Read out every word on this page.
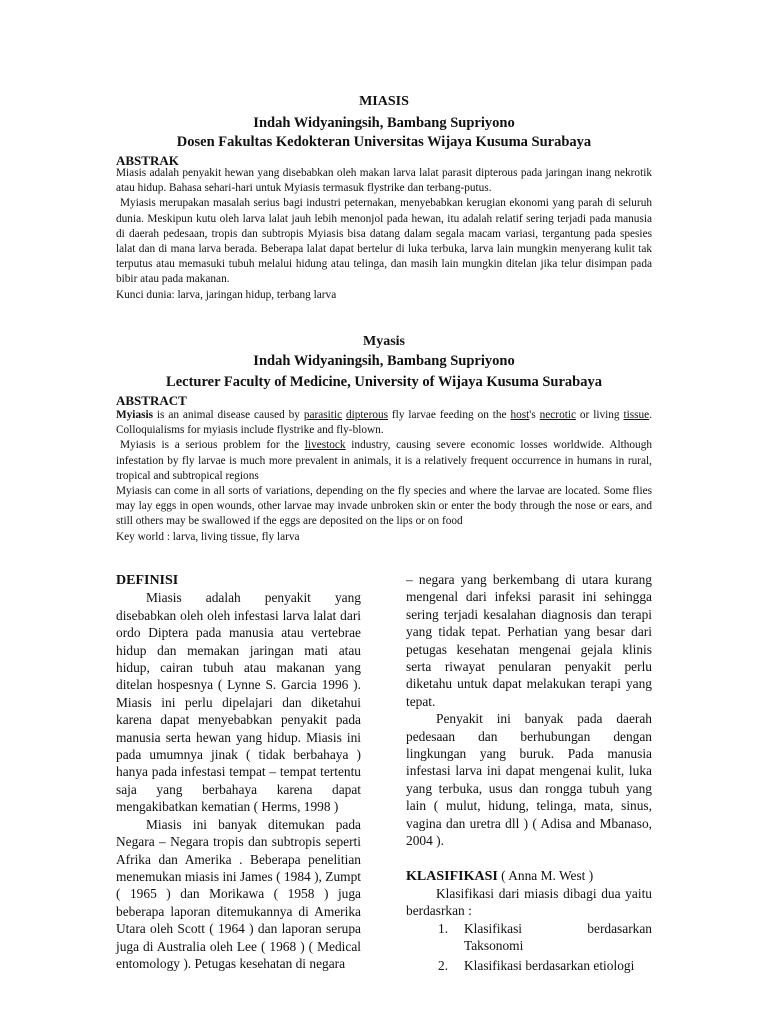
MIASIS
Indah Widyaningsih, Bambang Supriyono
Dosen Fakultas Kedokteran Universitas Wijaya Kusuma Surabaya
ABSTRAK

Miasis adalah penyakit hewan yang disebabkan oleh makan larva lalat parasit dipterous pada jaringan inang nekrotik atau hidup. Bahasa sehari-hari untuk Myiasis termasuk flystrike dan terbang-putus.

Myiasis merupakan masalah serius bagi industri peternakan, menyebabkan kerugian ekonomi yang parah di seluruh dunia. Meskipun kutu oleh larva lalat jauh lebih menonjol pada hewan, itu adalah relatif sering terjadi pada manusia di daerah pedesaan, tropis dan subtropis Myiasis bisa datang dalam segala macam variasi, tergantung pada spesies lalat dan di mana larva berada. Beberapa lalat dapat bertelur di luka terbuka, larva lain mungkin menyerang kulit tak terputus atau memasuki tubuh melalui hidung atau telinga, dan masih lain mungkin ditelan jika telur disimpan pada bibir atau pada makanan.

Kunci dunia: larva, jaringan hidup, terbang larva

Myasis
Indah Widyaningsih, Bambang Supriyono
Lecturer Faculty of Medicine, University of Wijaya Kusuma Surabaya
ABSTRACT

Myiasis is an animal disease caused by parasitic dipterous fly larvae feeding on the host's necrotic or living tissue. Colloquialisms for myiasis include flystrike and fly-blown.

Myiasis is a serious problem for the livestock industry, causing severe economic losses worldwide. Although infestation by fly larvae is much more prevalent in animals, it is a relatively frequent occurrence in humans in rural, tropical and subtropical regions

Myiasis can come in all sorts of variations, depending on the fly species and where the larvae are located. Some flies may lay eggs in open wounds, other larvae may invade unbroken skin or enter the body through the nose or ears, and still others may be swallowed if the eggs are deposited on the lips or on food

Key world : larva, living tissue, fly larva

DEFINISI

Miasis adalah penyakit yang disebabkan oleh oleh infestasi larva lalat dari ordo Diptera pada manusia atau vertebrae hidup dan memakan jaringan mati atau hidup, cairan tubuh atau makanan yang ditelan hospesnya ( Lynne S. Garcia 1996 ). Miasis ini perlu dipelajari dan diketahui karena dapat menyebabkan penyakit pada manusia serta hewan yang hidup. Miasis ini pada umumnya jinak ( tidak berbahaya ) hanya pada infestasi tempat – tempat tertentu saja yang berbahaya karena dapat mengakibatkan kematian ( Herms, 1998 )

Miasis ini banyak ditemukan pada Negara – Negara tropis dan subtropis seperti Afrika dan Amerika . Beberapa penelitian menemukan miasis ini James ( 1984 ), Zumpt ( 1965 ) dan Morikawa ( 1958 ) juga beberapa laporan ditemukannya di Amerika Utara oleh Scott ( 1964 ) dan laporan serupa juga di Australia oleh Lee ( 1968 ) ( Medical entomology ). Petugas kesehatan di negara

– negara yang berkembang di utara kurang mengenal dari infeksi parasit ini sehingga sering terjadi kesalahan diagnosis dan terapi yang tidak tepat. Perhatian yang besar dari petugas kesehatan mengenai gejala klinis serta riwayat penularan penyakit perlu diketahu untuk dapat melakukan terapi yang tepat.

Penyakit ini banyak pada daerah pedesaan dan berhubungan dengan lingkungan yang buruk. Pada manusia infestasi larva ini dapat mengenai kulit, luka yang terbuka, usus dan rongga tubuh yang lain ( mulut, hidung, telinga, mata, sinus, vagina dan uretra dll ) ( Adisa and Mbanaso, 2004 ).

KLASIFIKASI ( Anna M. West )

Klasifikasi dari miasis dibagi dua yaitu berdasrkan :

1. Klasifikasi berdasarkan Taksonomi
2. Klasifikasi berdasarkan etiologi
